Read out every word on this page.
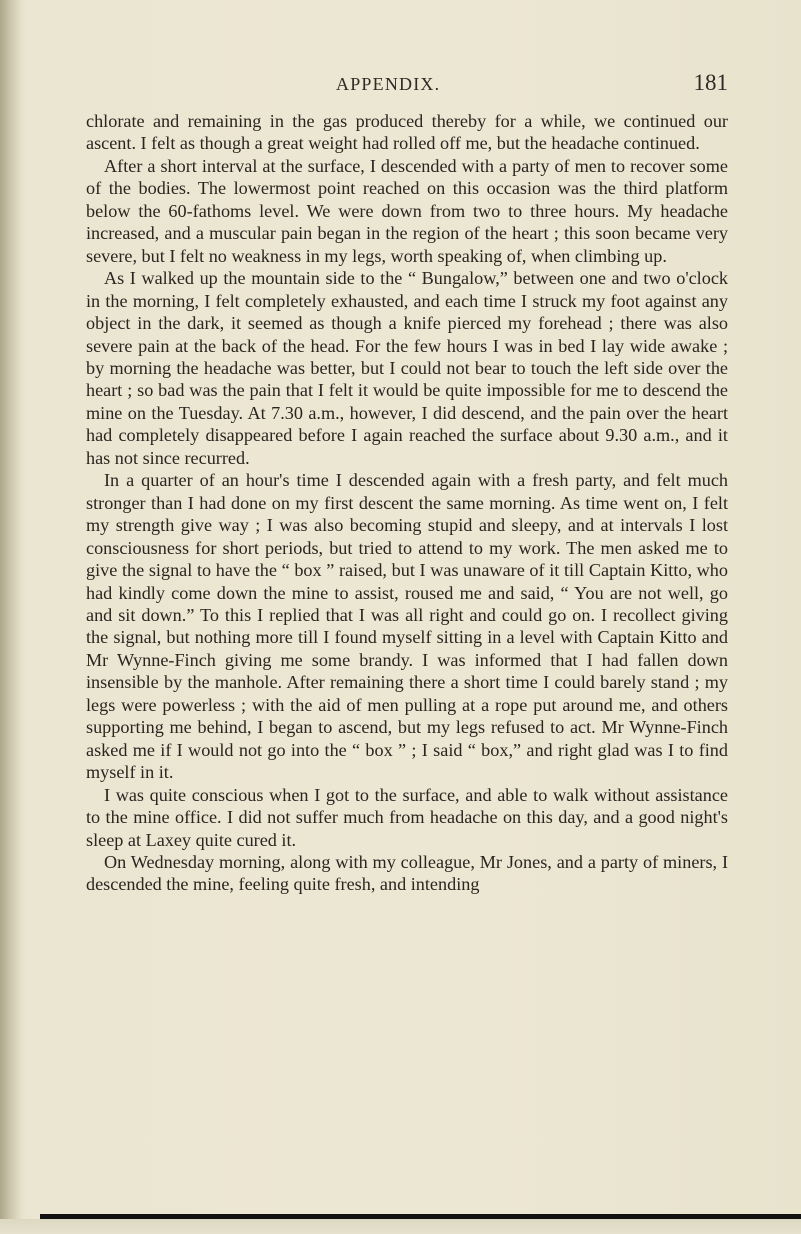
APPENDIX.	181

chlorate and remaining in the gas produced thereby for a while, we continued our ascent. I felt as though a great weight had rolled off me, but the headache continued.

After a short interval at the surface, I descended with a party of men to recover some of the bodies. The lowermost point reached on this occasion was the third platform below the 60-fathoms level. We were down from two to three hours. My headache increased, and a muscular pain began in the region of the heart ; this soon became very severe, but I felt no weakness in my legs, worth speaking of, when climbing up.

As I walked up the mountain side to the “ Bungalow,” between one and two o'clock in the morning, I felt completely exhausted, and each time I struck my foot against any object in the dark, it seemed as though a knife pierced my forehead ; there was also severe pain at the back of the head. For the few hours I was in bed I lay wide awake ; by morning the headache was better, but I could not bear to touch the left side over the heart ; so bad was the pain that I felt it would be quite impossible for me to descend the mine on the Tuesday. At 7.30 a.m., however, I did descend, and the pain over the heart had completely disappeared before I again reached the surface about 9.30 a.m., and it has not since recurred.

In a quarter of an hour's time I descended again with a fresh party, and felt much stronger than I had done on my first descent the same morning. As time went on, I felt my strength give way ; I was also becoming stupid and sleepy, and at intervals I lost consciousness for short periods, but tried to attend to my work. The men asked me to give the signal to have the “ box ” raised, but I was unaware of it till Captain Kitto, who had kindly come down the mine to assist, roused me and said, “ You are not well, go and sit down.” To this I replied that I was all right and could go on. I recollect giving the signal, but nothing more till I found myself sitting in a level with Captain Kitto and Mr Wynne-Finch giving me some brandy. I was informed that I had fallen down insensible by the manhole. After remaining there a short time I could barely stand ; my legs were powerless ; with the aid of men pulling at a rope put around me, and others supporting me behind, I began to ascend, but my legs refused to act. Mr Wynne-Finch asked me if I would not go into the “ box ” ; I said “ box,” and right glad was I to find myself in it.

I was quite conscious when I got to the surface, and able to walk without assistance to the mine office. I did not suffer much from headache on this day, and a good night's sleep at Laxey quite cured it.

On Wednesday morning, along with my colleague, Mr Jones, and a party of miners, I descended the mine, feeling quite fresh, and intending
